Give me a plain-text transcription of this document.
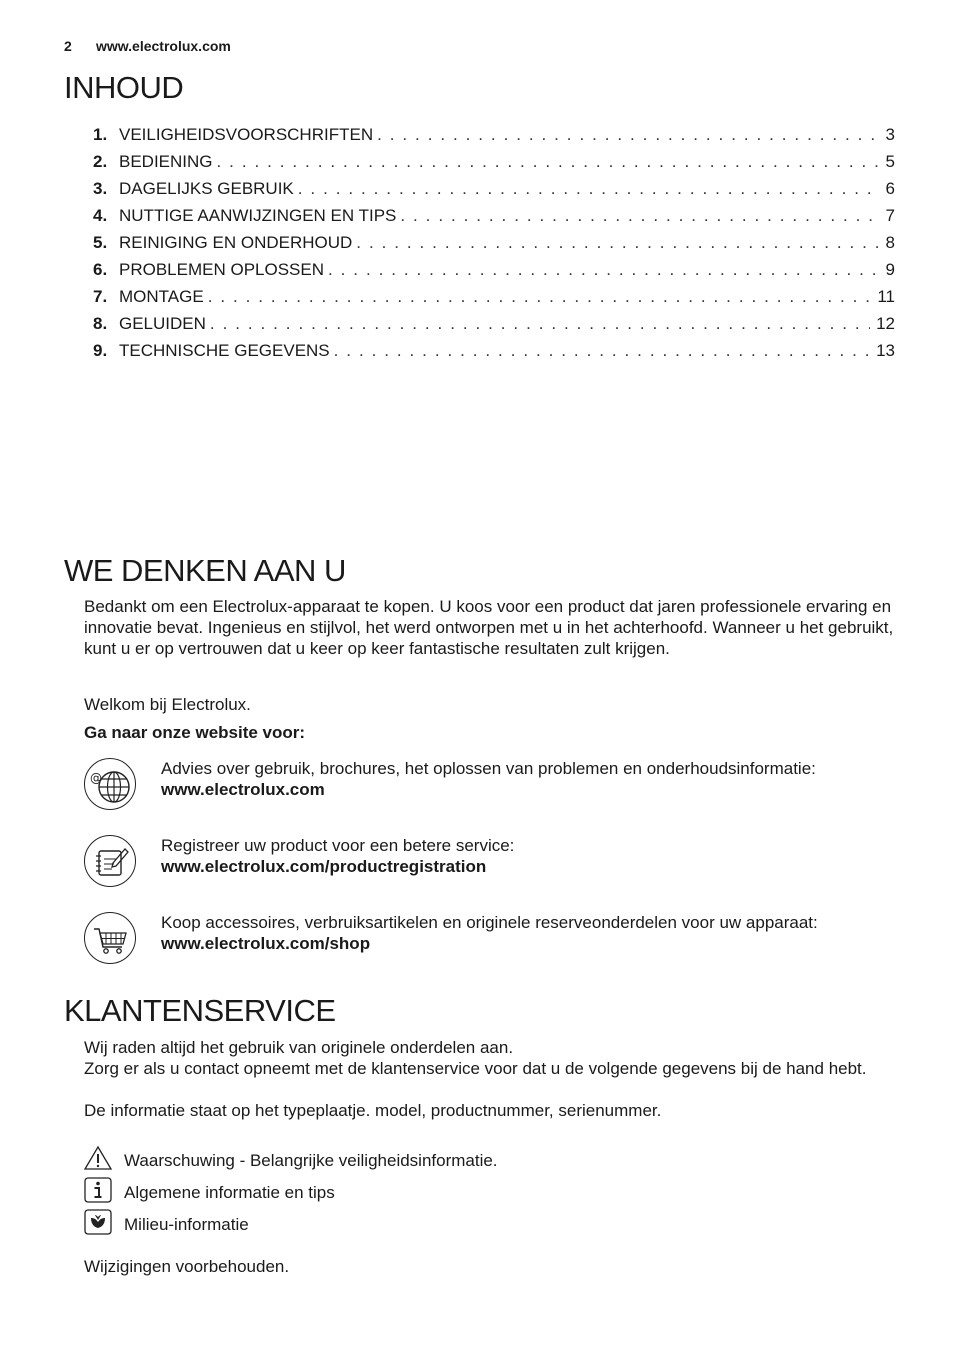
2 www.electrolux.com
INHOUD
1. VEILIGHEIDSVOORSCHRIFTEN . . .	3
2. BEDIENING . . .	5
3. DAGELIJKS GEBRUIK . . .	6
4. NUTTIGE AANWIJZINGEN EN TIPS . . .	7
5. REINIGING EN ONDERHOUD . . .	8
6. PROBLEMEN OPLOSSEN . . .	9
7. MONTAGE . . .	11
8. GELUIDEN . . .	12
9. TECHNISCHE GEGEVENS . . .	13
WE DENKEN AAN U

Bedankt om een Electrolux-apparaat te kopen. U koos voor een product dat jaren professionele ervaring en innovatie bevat. Ingenieus en stijlvol, het werd ontworpen met u in het achterhoofd. Wanneer u het gebruikt, kunt u er op vertrouwen dat u keer op keer fantastische resultaten zult krijgen.

Welkom bij Electrolux.

Ga naar onze website voor:

@	Advies over gebruik, brochures, het oplossen van problemen en onderhoudsinformatie:
www.electrolux.com
Registreer uw product voor een betere service:
www.electrolux.com/productregistration
Koop accessoires, verbruiksartikelen en originele reserveonderdelen voor uw apparaat:
www.electrolux.com/shop
KLANTENSERVICE

Wij raden altijd het gebruik van originele onderdelen aan.

Zorg er als u contact opneemt met de klantenservice voor dat u de volgende gegevens bij de hand hebt.

De informatie staat op het typeplaatje. model, productnummer, serienummer.

Waarschuwing - Belangrijke veiligheidsinformatie.
Algemene informatie en tips
Milieu-informatie

Wijzigingen voorbehouden.
